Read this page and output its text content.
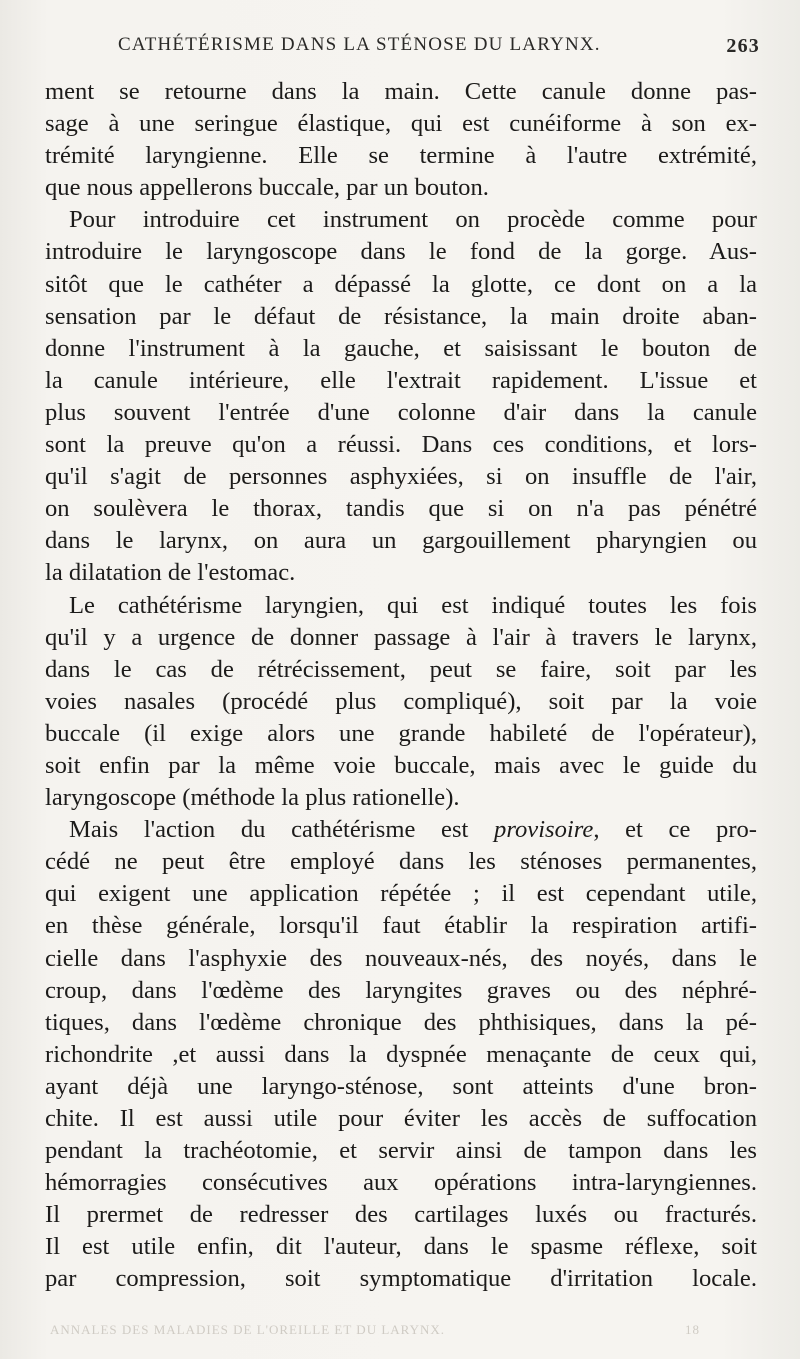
CATHÉTÉRISME DANS LA STÉNOSE DU LARYNX.	263
ment se retourne dans la main. Cette canule donne pas-
sage à une seringue élastique, qui est cunéiforme à son ex-
trémité laryngienne. Elle se termine à l'autre extrémité,
que nous appellerons buccale, par un bouton.
Pour introduire cet instrument on procède comme pour
introduire le laryngoscope dans le fond de la gorge. Aus-
sitôt que le cathéter a dépassé la glotte, ce dont on a la
sensation par le défaut de résistance, la main droite aban-
donne l'instrument à la gauche, et saisissant le bouton de
la canule intérieure, elle l'extrait rapidement. L'issue et
plus souvent l'entrée d'une colonne d'air dans la canule
sont la preuve qu'on a réussi. Dans ces conditions, et lors-
qu'il s'agit de personnes asphyxiées, si on insuffle de l'air,
on soulèvera le thorax, tandis que si on n'a pas pénétré
dans le larynx, on aura un gargouillement pharyngien ou
la dilatation de l'estomac.
Le cathétérisme laryngien, qui est indiqué toutes les fois
qu'il y a urgence de donner passage à l'air à travers le larynx,
dans le cas de rétrécissement, peut se faire, soit par les
voies nasales (procédé plus compliqué), soit par la voie
buccale (il exige alors une grande habileté de l'opérateur),
soit enfin par la même voie buccale, mais avec le guide du
laryngoscope (méthode la plus rationelle).
Mais l'action du cathétérisme est provisoire, et ce pro-
cédé ne peut être employé dans les sténoses permanentes,
qui exigent une application répétée ; il est cependant utile,
en thèse générale, lorsqu'il faut établir la respiration artifi-
cielle dans l'asphyxie des nouveaux-nés, des noyés, dans le
croup, dans l'œdème des laryngites graves ou des néphré-
tiques, dans l'œdème chronique des phthisiques, dans la pé-
richondrite ,et aussi dans la dyspnée menaçante de ceux qui,
ayant déjà une laryngo-sténose, sont atteints d'une bron-
chite. Il est aussi utile pour éviter les accès de suffocation
pendant la trachéotomie, et servir ainsi de tampon dans les
hémorragies consécutives aux opérations intra-laryngiennes.
Il prermet de redresser des cartilages luxés ou fracturés.
Il est utile enfin, dit l'auteur, dans le spasme réflexe, soit
par compression, soit symptomatique d'irritation locale.
ANNALES DES MALADIES DE L'OREILLE ET DU LARYNX.	18
